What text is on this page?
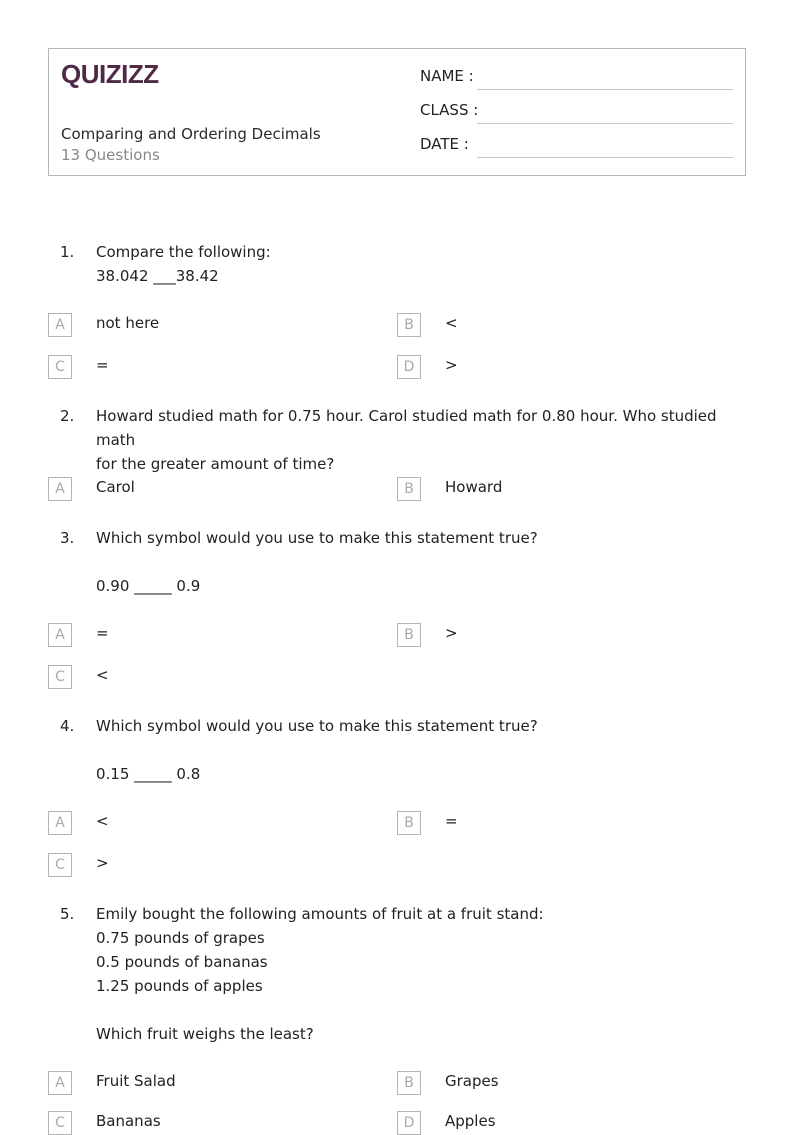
QUIZIZZ
Comparing and Ordering Decimals
13 Questions
NAME :
CLASS :
DATE :
1.	Compare the following:
38.042 ___38.42
A	not here	B	<
C	=	D	>
2.	Howard studied math for 0.75 hour. Carol studied math for 0.80 hour. Who studied math
for the greater amount of time?
A	Carol	B	Howard
3.	Which symbol would you use to make this statement true?

0.90 _____ 0.9
A	=	B	>
C	<
4.	Which symbol would you use to make this statement true?

0.15 _____ 0.8
A	<	B	=
C	>
5.	Emily bought the following amounts of fruit at a fruit stand:
0.75 pounds of grapes
0.5 pounds of bananas
1.25 pounds of apples

Which fruit weighs the least?
A	Fruit Salad	B	Grapes
C	Bananas	D	Apples
